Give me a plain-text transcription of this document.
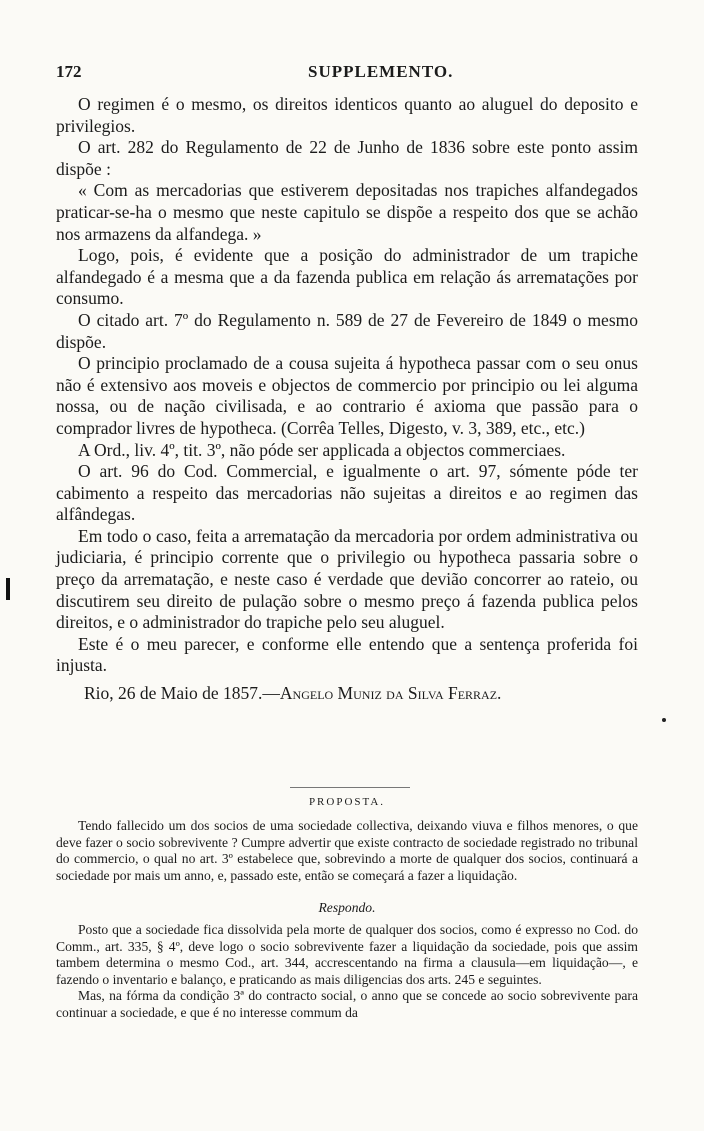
172	SUPPLEMENTO.

O regimen é o mesmo, os direitos identicos quanto ao aluguel do deposito e privilegios.

O art. 282 do Regulamento de 22 de Junho de 1836 sobre este ponto assim dispõe :

« Com as mercadorias que estiverem depositadas nos trapiches alfandegados praticar-se-ha o mesmo que neste capitulo se dispõe a respeito dos que se achão nos armazens da alfandega. »

Logo, pois, é evidente que a posição do administrador de um trapiche alfandegado é a mesma que a da fazenda publica em relação ás arrematações por consumo.

O citado art. 7º do Regulamento n. 589 de 27 de Fevereiro de 1849 o mesmo dispõe.

O principio proclamado de a cousa sujeita á hypotheca passar com o seu onus não é extensivo aos moveis e objectos de commercio por principio ou lei alguma nossa, ou de nação civilisada, e ao contrario é axioma que passão para o comprador livres de hypotheca. (Corrêa Telles, Digesto, v. 3, 389, etc., etc.)

A Ord., liv. 4º, tit. 3º, não póde ser applicada a objectos commerciaes.

O art. 96 do Cod. Commercial, e igualmente o art. 97, sómente póde ter cabimento a respeito das mercadorias não sujeitas a direitos e ao regimen das alfândegas.

Em todo o caso, feita a arrematação da mercadoria por ordem administrativa ou judiciaria, é principio corrente que o privilegio ou hypotheca passaria sobre o preço da arrematação, e neste caso é verdade que devião concorrer ao rateio, ou discutirem seu direito de pulação sobre o mesmo preço á fazenda publica pelos direitos, e o administrador do trapiche pelo seu aluguel.

Este é o meu parecer, e conforme elle entendo que a sentença proferida foi injusta.

Rio, 26 de Maio de 1857.—Angelo Muniz da Silva Ferraz.

PROPOSTA.

Tendo fallecido um dos socios de uma sociedade collectiva, deixando viuva e filhos menores, o que deve fazer o socio sobrevivente ? Cumpre advertir que existe contracto de sociedade registrado no tribunal do commercio, o qual no art. 3º estabelece que, sobrevindo a morte de qualquer dos socios, continuará a sociedade por mais um anno, e, passado este, então se começará a fazer a liquidação.

Respondo.

Posto que a sociedade fica dissolvida pela morte de qualquer dos socios, como é expresso no Cod. do Comm., art. 335, § 4º, deve logo o socio sobrevivente fazer a liquidação da sociedade, pois que assim tambem determina o mesmo Cod., art. 344, accrescentando na firma a clausula—em liquidação—, e fazendo o inventario e balanço, e praticando as mais diligencias dos arts. 245 e seguintes.

Mas, na fórma da condição 3ª do contracto social, o anno que se concede ao socio sobrevivente para continuar a sociedade, e que é no interesse commum da
